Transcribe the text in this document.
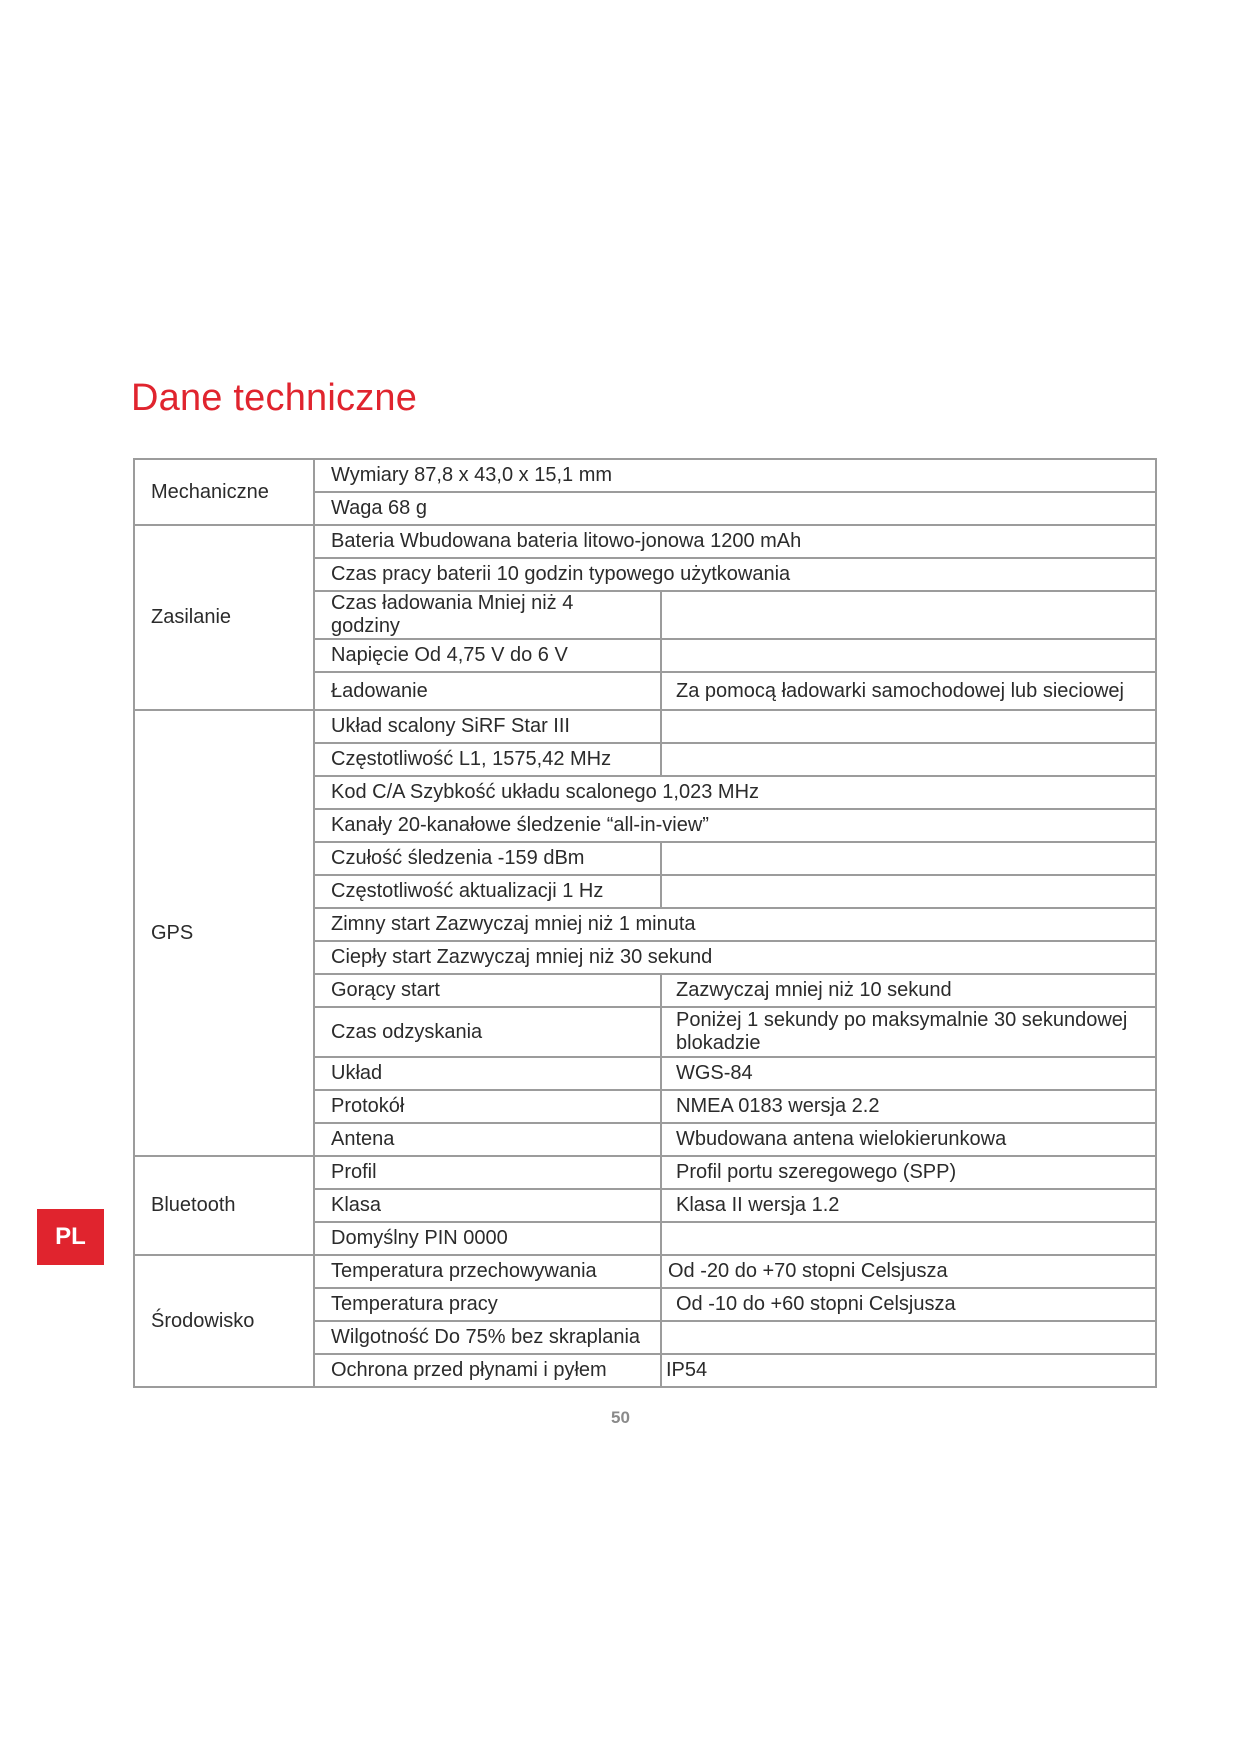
Dane techniczne
Mechaniczne	Wymiary 87,8 x 43,0 x 15,1 mm	
	Waga 68 g	
Zasilanie	Bateria Wbudowana bateria litowo-jonowa 1200 mAh	
	Czas pracy baterii 10 godzin typowego użytkowania	
	Czas ładowania Mniej niż 4 godziny	
	Napięcie Od 4,75 V do 6 V	
	Ładowanie	Za pomocą ładowarki samochodowej lub sieciowej
GPS	Układ scalony SiRF Star III	
	Częstotliwość L1, 1575,42 MHz	
	Kod C/A Szybkość układu scalonego 1,023 MHz	
	Kanały 20-kanałowe śledzenie “all-in-view”	
	Czułość śledzenia -159 dBm	
	Częstotliwość aktualizacji 1 Hz	
	Zimny start Zazwyczaj mniej niż 1 minuta	
	Ciepły start Zazwyczaj mniej niż 30 sekund	
	Gorący start	Zazwyczaj mniej niż 10 sekund
	Czas odzyskania	Poniżej 1 sekundy po maksymalnie 30 sekundowej blokadzie
	Układ	WGS-84
	Protokół	NMEA 0183 wersja 2.2
	Antena	Wbudowana antena wielokierunkowa
Bluetooth	Profil	Profil portu szeregowego (SPP)
	Klasa	Klasa II wersja 1.2
	Domyślny PIN 0000	
Środowisko	Temperatura przechowywania	Od -20 do +70 stopni Celsjusza
	Temperatura pracy	Od -10 do +60 stopni Celsjusza
	Wilgotność Do 75% bez skraplania	
	Ochrona przed płynami i pyłem	IP54
PL
50
